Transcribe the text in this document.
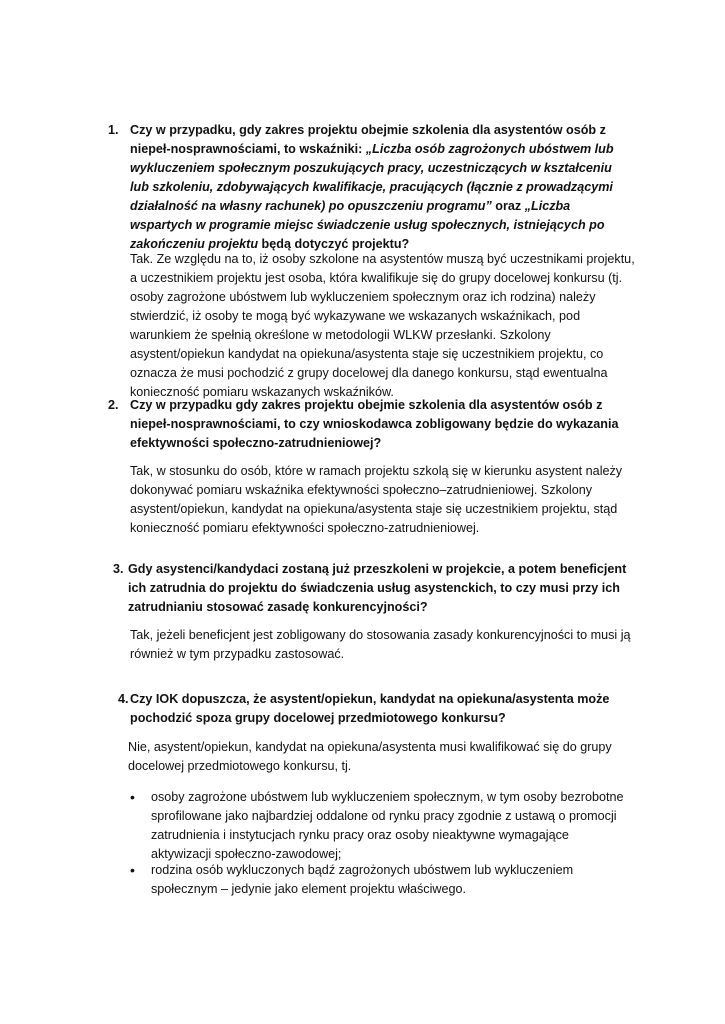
1. Czy w przypadku, gdy zakres projektu obejmie szkolenia dla asystentów osób z niepeł-nosprawnościami, to wskaźniki: „Liczba osób zagrożonych ubóstwem lub wykluczeniem społecznym poszukujących pracy, uczestniczących w kształceniu lub szkoleniu, zdobywających kwalifikacje, pracujących (łącznie z prowadzącymi działalność na własny rachunek) po opuszczeniu programu” oraz „Liczba wspartych w programie miejsc świadczenie usług społecznych, istniejących po zakończeniu projektu będą dotyczyć projektu?

Tak. Ze względu na to, iż osoby szkolone na asystentów muszą być uczestnikami projektu, a uczestnikiem projektu jest osoba, która kwalifikuje się do grupy docelowej konkursu (tj. osoby zagrożone ubóstwem lub wykluczeniem społecznym oraz ich rodzina) należy stwierdzić, iż osoby te mogą być wykazywane we wskazanych wskaźnikach, pod warunkiem że spełnią określone w metodologii WLKW przesłanki. Szkolony asystent/opiekun kandydat na opiekuna/asystenta staje się uczestnikiem projektu, co oznacza że musi pochodzić z grupy docelowej dla danego konkursu, stąd ewentualna konieczność pomiaru wskazanych wskaźników.

2. Czy w przypadku gdy zakres projektu obejmie szkolenia dla asystentów osób z niepeł-nosprawnościami, to czy wnioskodawca zobligowany będzie do wykazania efektywności społeczno-zatrudnieniowej?

Tak, w stosunku do osób, które w ramach projektu szkolą się w kierunku asystent należy dokonywać pomiaru wskaźnika efektywności społeczno–zatrudnieniowej. Szkolony asystent/opiekun, kandydat na opiekuna/asystenta staje się uczestnikiem projektu, stąd konieczność pomiaru efektywności społeczno-zatrudnieniowej.

3. Gdy asystenci/kandydaci zostaną już przeszkoleni w projekcie, a potem beneficjent ich zatrudnia do projektu do świadczenia usług asystenckich, to czy musi przy ich zatrudnianiu stosować zasadę konkurencyjności?

Tak, jeżeli beneficjent jest zobligowany do stosowania zasady konkurencyjności to musi ją również w tym przypadku zastosować.

4. Czy IOK dopuszcza, że asystent/opiekun, kandydat na opiekuna/asystenta może pochodzić spoza grupy docelowej przedmiotowego konkursu?

Nie, asystent/opiekun, kandydat na opiekuna/asystenta musi kwalifikować się do grupy docelowej przedmiotowego konkursu, tj.

• osoby zagrożone ubóstwem lub wykluczeniem społecznym, w tym osoby bezrobotne sprofilowane jako najbardziej oddalone od rynku pracy zgodnie z ustawą o promocji zatrudnienia i instytucjach rynku pracy oraz osoby nieaktywne wymagające aktywizacji społeczno-zawodowej;

• rodzina osób wykluczonych bądź zagrożonych ubóstwem lub wykluczeniem społecznym – jedynie jako element projektu właściwego.
